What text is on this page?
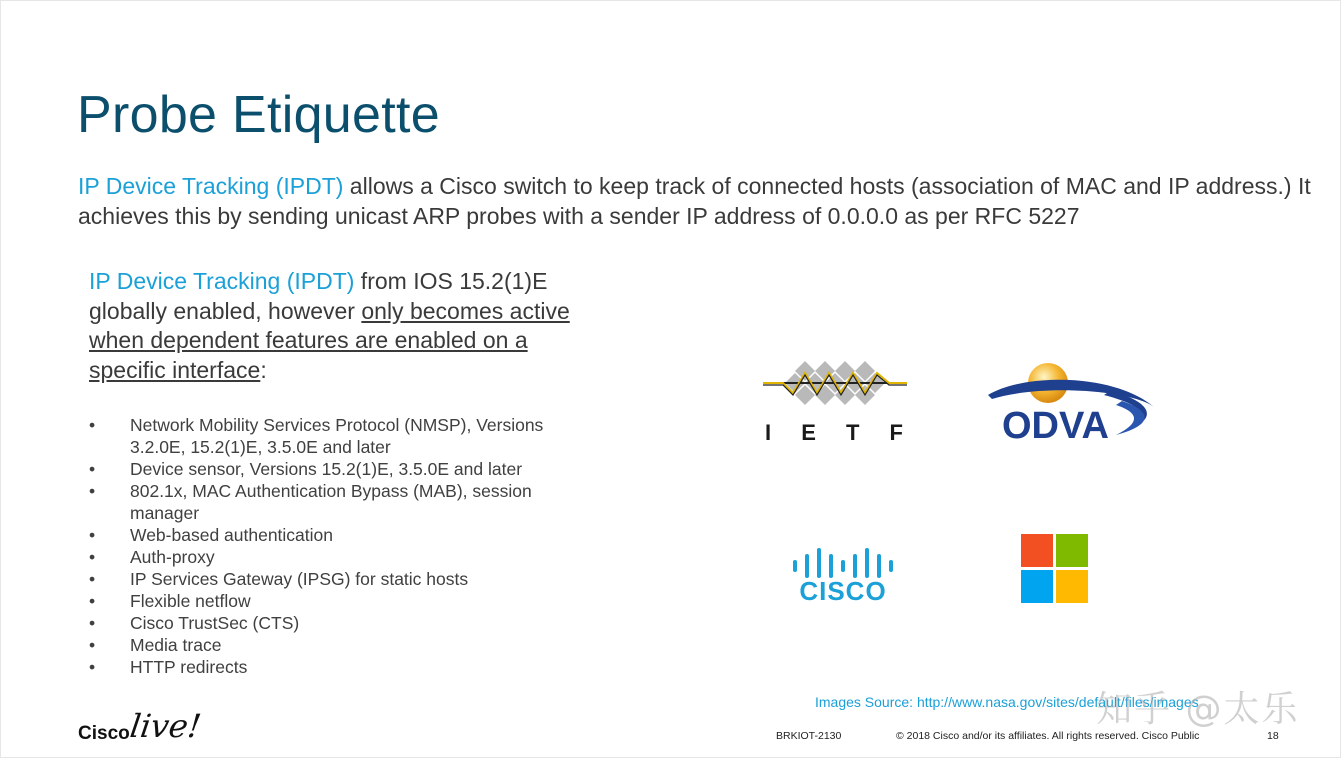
Probe Etiquette
IP Device Tracking (IPDT) allows a Cisco switch to keep track of connected hosts (association of MAC and IP address.) It achieves this by sending unicast ARP probes with a sender IP address of 0.0.0.0 as per RFC 5227
IP Device Tracking (IPDT) from IOS 15.2(1)E globally enabled, however only becomes active when dependent features are enabled on a specific interface:
• Network Mobility Services Protocol (NMSP), Versions 3.2.0E, 15.2(1)E, 3.5.0E and later
• Device sensor, Versions 15.2(1)E, 3.5.0E and later
• 802.1x, MAC Authentication Bypass (MAB), session manager
• Web-based authentication
• Auth-proxy
• IP Services Gateway (IPSG) for static hosts
• Flexible netflow
• Cisco TrustSec (CTS)
• Media trace
• HTTP redirects
I E T F	ODVA
CISCO
Images Source: http://www.nasa.gov/sites/default/files/images
知乎 @太乐
Cisco
live!	BRKIOT-2130	© 2018 Cisco and/or its affiliates. All rights reserved. Cisco Public	18
